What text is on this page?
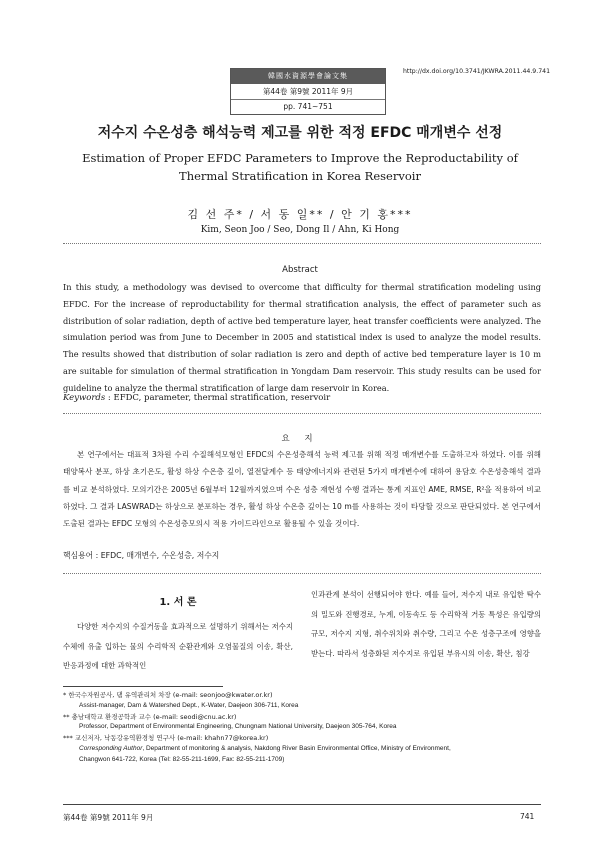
韓國水資源學會論文集
第44卷 第9號 2011年 9月
pp. 741~751
http://dx.doi.org/10.3741/JKWRA.2011.44.9.741
저수지 수온성층 해석능력 제고를 위한 적정 EFDC 매개변수 선정
Estimation of Proper EFDC Parameters to Improve the Reproductability of
Thermal Stratification in Korea Reservoir
김 선 주* / 서 동 일** / 안 기 홍***
Kim, Seon Joo / Seo, Dong Il / Ahn, Ki Hong
Abstract
In this study, a methodology was devised to overcome that difficulty for thermal stratification modeling using EFDC. For the increase of reproductability for thermal stratification analysis, the effect of parameter such as distribution of solar radiation, depth of active bed temperature layer, heat transfer coefficients were analyzed. The simulation period was from June to December in 2005 and statistical index is used to analyze the model results. The results showed that distribution of solar radiation is zero and depth of active bed temperature layer is 10 m are suitable for simulation of thermal stratification in Yongdam Dam reservoir. This study results can be used for guideline to analyze the thermal stratification of large dam reservoir in Korea.
Keywords : EFDC, parameter, thermal stratification, reservoir
요 지
본 연구에서는 대표적 3차원 수리 수질해석모형인 EFDC의 수온성층해석 능력 제고를 위해 적정 매개변수를 도출하고자 하였다. 이를 위해 태양복사 분포, 하상 초기온도, 활성 하상 수온층 깊이, 열전달계수 등 태양에너지와 관련된 5가지 매개변수에 대하여 용담호 수온성층해석 결과를 비교 분석하였다. 모의기간은 2005년 6월부터 12월까지였으며 수온 성층 재현성 수행 결과는 통계 지표인 AME, RMSE, R²을 적용하여 비교하였다. 그 결과 LASWRAD는 하상으로 분포하는 경우, 활성 하상 수온층 깊이는 10 m를 사용하는 것이 타당할 것으로 판단되었다. 본 연구에서 도출된 결과는 EFDC 모형의 수온성층모의시 적용 가이드라인으로 활용될 수 있을 것이다.
핵심용어 : EFDC, 매개변수, 수온성층, 저수지
1. 서 론
다양한 저수지의 수질거동을 효과적으로 설명하기 위해서는 저수지 수체에 유출 입하는 물의 수리학적 순환관계와 오염물질의 이송, 확산, 반응과정에 대한 과학적인
인과관계 분석이 선행되어야 한다. 예를 들어, 저수지 내로 유입한 탁수의 밀도와 진행경로, 누계, 이동속도 등 수리학적 거동 특성은 유입량의 규모, 저수지 지형, 취수위치와 취수량, 그리고 수온 성층구조에 영향을 받는다. 따라서 성층화된 저수지로 유입된 부유시의 이송, 확산, 침강
* 한국수자원공사, 댐 유역관리처 차장 (e-mail: seonjoo@kwater.or.kr)
Assist-manager, Dam & Watershed Dept., K-Water, Daejeon 306-711, Korea
** 충남대학교 환경공학과 교수 (e-mail: seodi@cnu.ac.kr)
Professor, Department of Environmental Engineering, Chungnam National University, Daejeon 305-764, Korea
*** 교신저자, 낙동강유역환경청 연구사 (e-mail: khahn77@korea.kr)
Corresponding Author, Department of monitoring & analysis, Nakdong River Basin Environmental Office, Ministry of Environment,
Changwon 641-722, Korea (Tel: 82-55-211-1699, Fax: 82-55-211-1709)
第44卷 第9號 2011年 9月	741
